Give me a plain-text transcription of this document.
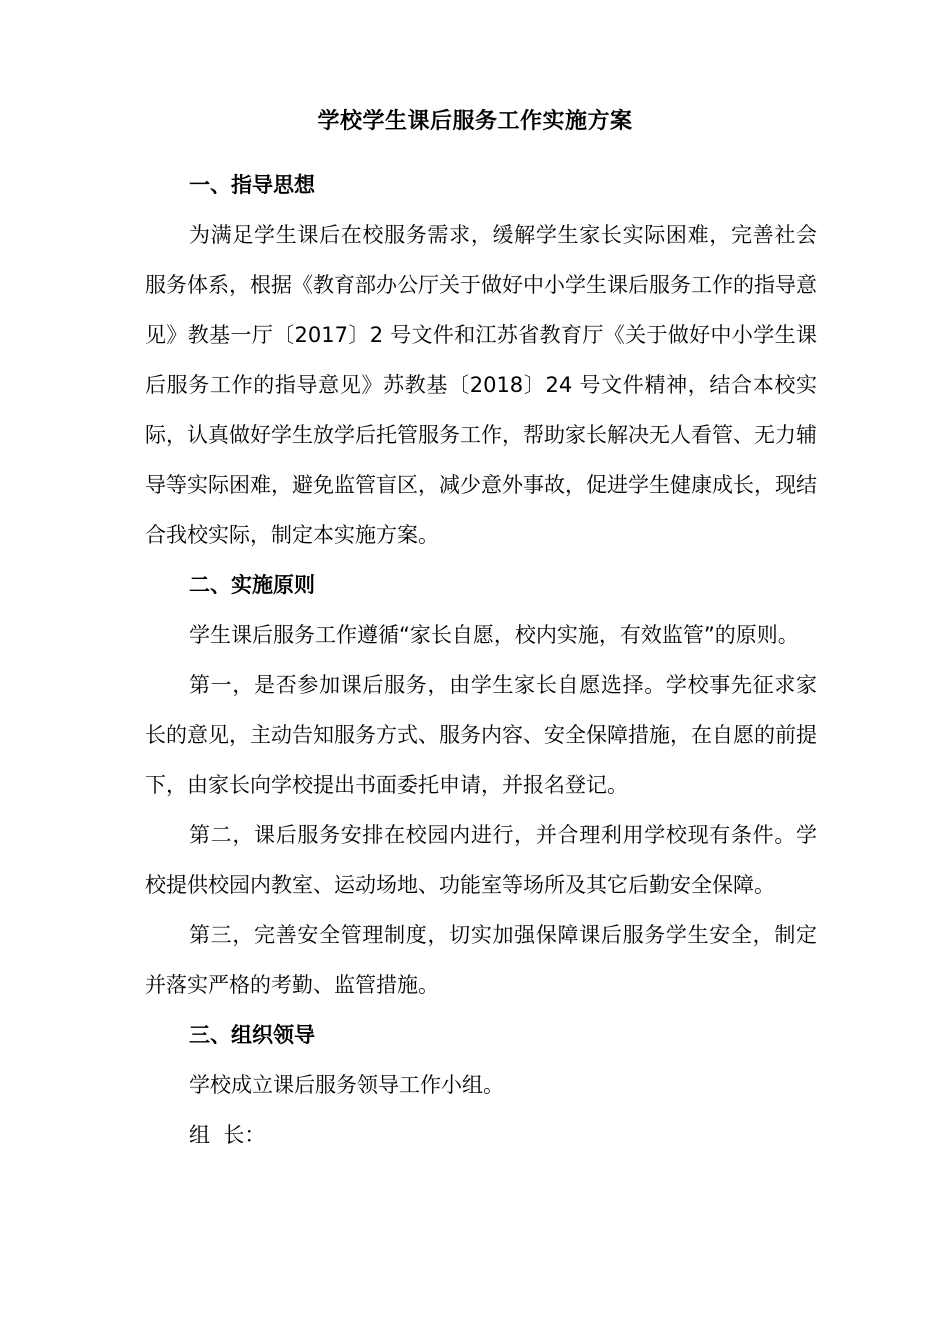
学校学生课后服务工作实施方案

一、指导思想

为满足学生课后在校服务需求，缓解学生家长实际困难，完善社会服务体系，根据《教育部办公厅关于做好中小学生课后服务工作的指导意见》教基一厅〔2017〕2 号文件和江苏省教育厅《关于做好中小学生课后服务工作的指导意见》苏教基〔2018〕24 号文件精神，结合本校实际，认真做好学生放学后托管服务工作，帮助家长解决无人看管、无力辅导等实际困难，避免监管盲区，减少意外事故，促进学生健康成长，现结合我校实际，制定本实施方案。

二、实施原则

学生课后服务工作遵循“家长自愿，校内实施，有效监管”的原则。

第一，是否参加课后服务，由学生家长自愿选择。学校事先征求家长的意见，主动告知服务方式、服务内容、安全保障措施，在自愿的前提下，由家长向学校提出书面委托申请，并报名登记。

第二，课后服务安排在校园内进行，并合理利用学校现有条件。学校提供校园内教室、运动场地、功能室等场所及其它后勤安全保障。

第三，完善安全管理制度，切实加强保障课后服务学生安全，制定并落实严格的考勤、监管措施。

三、组织领导

学校成立课后服务领导工作小组。

组  长：
